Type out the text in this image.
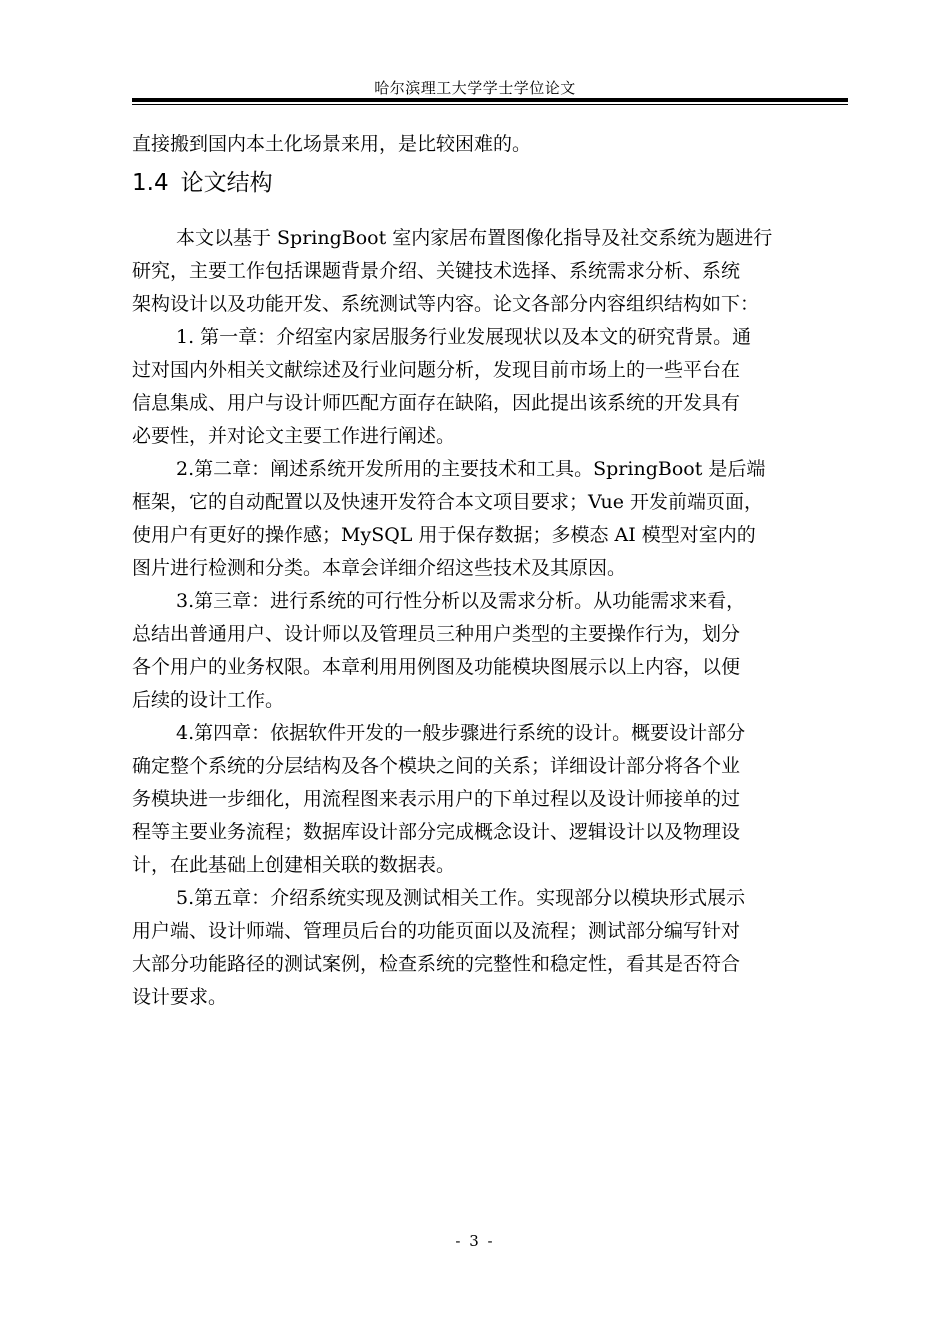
哈尔滨理工大学学士学位论文
直接搬到国内本土化场景来用，是比较困难的。
1.4 论文结构
本文以基于 SpringBoot 室内家居布置图像化指导及社交系统为题进行
研究，主要工作包括课题背景介绍、关键技术选择、系统需求分析、系统
架构设计以及功能开发、系统测试等内容。论文各部分内容组织结构如下：
1. 第一章：介绍室内家居服务行业发展现状以及本文的研究背景。通
过对国内外相关文献综述及行业问题分析，发现目前市场上的一些平台在
信息集成、用户与设计师匹配方面存在缺陷，因此提出该系统的开发具有
必要性，并对论文主要工作进行阐述。
2.第二章：阐述系统开发所用的主要技术和工具。SpringBoot 是后端
框架，它的自动配置以及快速开发符合本文项目要求；Vue 开发前端页面，
使用户有更好的操作感；MySQL 用于保存数据；多模态 AI 模型对室内的
图片进行检测和分类。本章会详细介绍这些技术及其原因。
3.第三章：进行系统的可行性分析以及需求分析。从功能需求来看，
总结出普通用户、设计师以及管理员三种用户类型的主要操作行为，划分
各个用户的业务权限。本章利用用例图及功能模块图展示以上内容，以便
后续的设计工作。
4.第四章：依据软件开发的一般步骤进行系统的设计。概要设计部分
确定整个系统的分层结构及各个模块之间的关系；详细设计部分将各个业
务模块进一步细化，用流程图来表示用户的下单过程以及设计师接单的过
程等主要业务流程；数据库设计部分完成概念设计、逻辑设计以及物理设
计，在此基础上创建相关联的数据表。
5.第五章：介绍系统实现及测试相关工作。实现部分以模块形式展示
用户端、设计师端、管理员后台的功能页面以及流程；测试部分编写针对
大部分功能路径的测试案例，检查系统的完整性和稳定性，看其是否符合
设计要求。
- 3 -
